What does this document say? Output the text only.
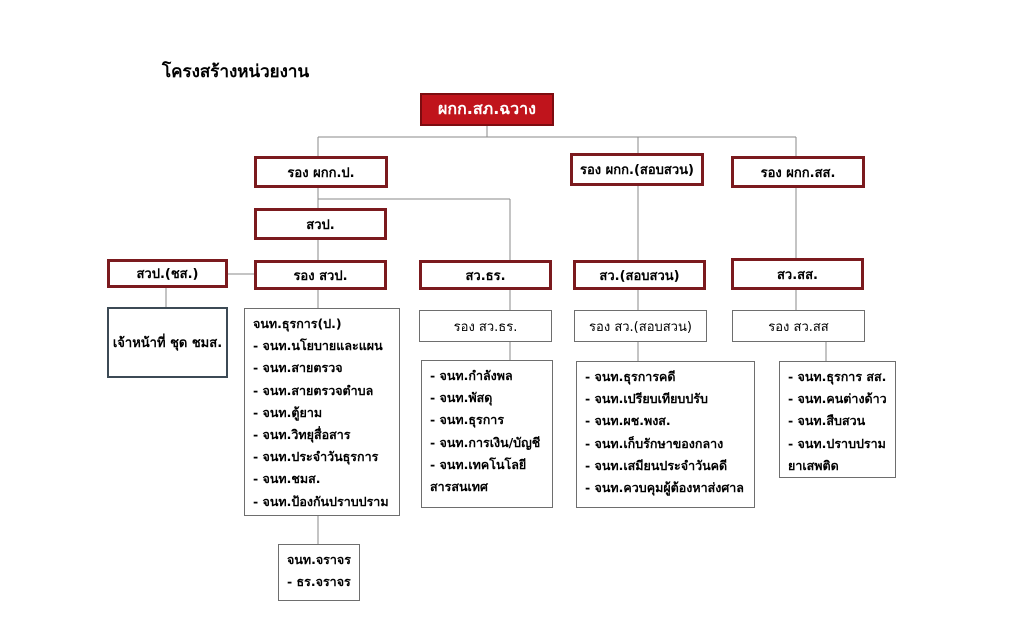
โครงสร้างหน่วยงาน
ผกก.สภ.ฉวาง
รอง ผกก.ป.	รอง ผกก.(สอบสวน)	รอง ผกก.สส.
สวป.
สวป.(ชส.)	รอง สวป.	สว.ธร.	สว.(สอบสวน)	สว.สส.
รอง สว.ธร.	รอง สว.(สอบสวน)	รอง สว.สส
เจ้าหน้าที่ ชุด ชมส.
จนท.ธุรการ(ป.)
- จนท.นโยบายและแผน
- จนท.สายตรวจ
- จนท.สายตรวจตำบล
- จนท.ตู้ยาม
- จนท.วิทยุสื่อสาร
- จนท.ประจำวันธุรการ
- จนท.ชมส.
- จนท.ป้องกันปราบปราม
จนท.จราจร
- ธร.จราจร
- จนท.กำลังพล
- จนท.พัสดุ
- จนท.ธุรการ
- จนท.การเงิน/บัญชี
- จนท.เทคโนโลยี
สารสนเทศ
- จนท.ธุรการคดี
- จนท.เปรียบเทียบปรับ
- จนท.ผช.พงส.
- จนท.เก็บรักษาของกลาง
- จนท.เสมียนประจำวันคดี
- จนท.ควบคุมผู้ต้องหาส่งศาล
- จนท.ธุรการ สส.
- จนท.คนต่างด้าว
- จนท.สืบสวน
- จนท.ปราบปราม
ยาเสพติด
